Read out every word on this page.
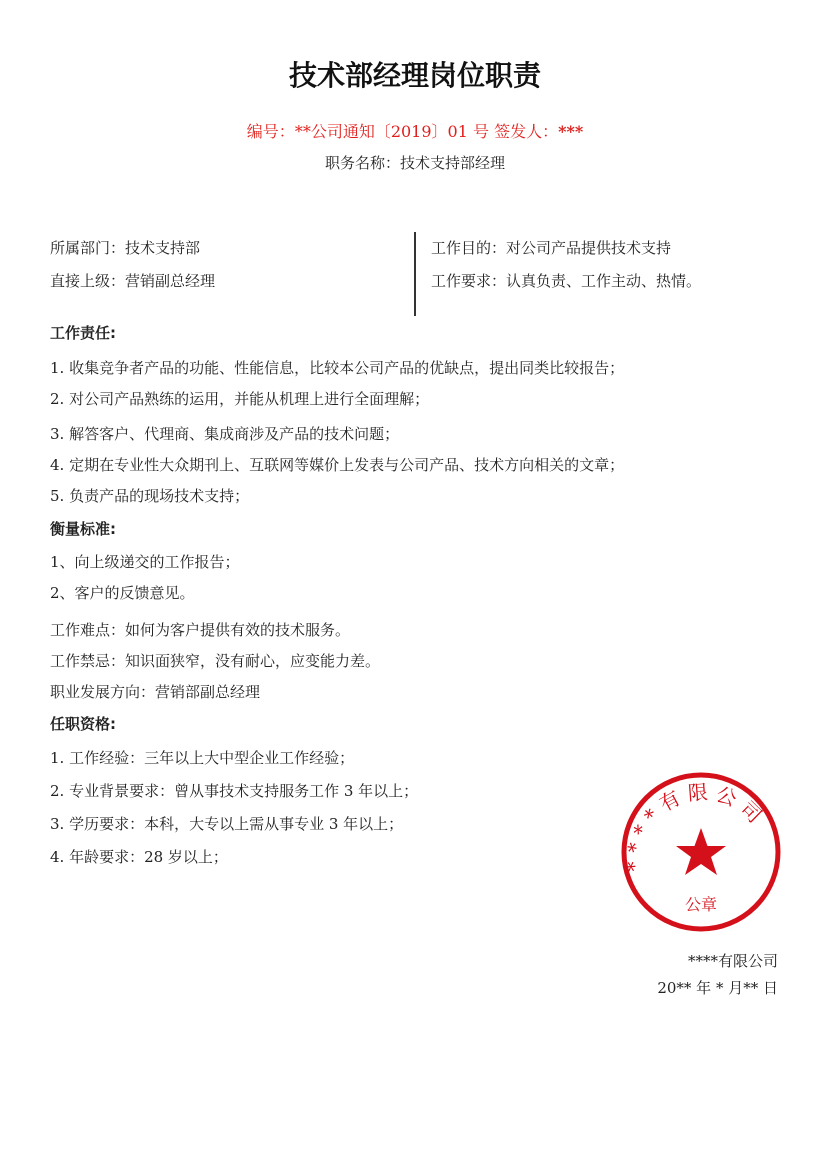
技术部经理岗位职责
编号：**公司通知〔2019〕01 号 签发人：***
职务名称：技术支持部经理
所属部门：技术支持部
直接上级：营销副总经理
工作目的：对公司产品提供技术支持
工作要求：认真负责、工作主动、热情。
工作责任:
1. 收集竞争者产品的功能、性能信息，比较本公司产品的优缺点，提出同类比较报告；
2. 对公司产品熟练的运用，并能从机理上进行全面理解；
3. 解答客户、代理商、集成商涉及产品的技术问题；
4. 定期在专业性大众期刊上、互联网等媒价上发表与公司产品、技术方向相关的文章；
5. 负责产品的现场技术支持；
衡量标准:
1、向上级递交的工作报告；
2、客户的反馈意见。
工作难点：如何为客户提供有效的技术服务。
工作禁忌：知识面狭窄，没有耐心，应变能力差。
职业发展方向：营销部副总经理
任职资格:
1. 工作经验：三年以上大中型企业工作经验；
2. 专业背景要求：曾从事技术支持服务工作 3 年以上；
3. 学历要求：本科，大专以上需从事专业 3 年以上；
4. 年龄要求：28 岁以上；
* * * * 有 限 公 司
公章
****有限公司
20** 年 * 月** 日
